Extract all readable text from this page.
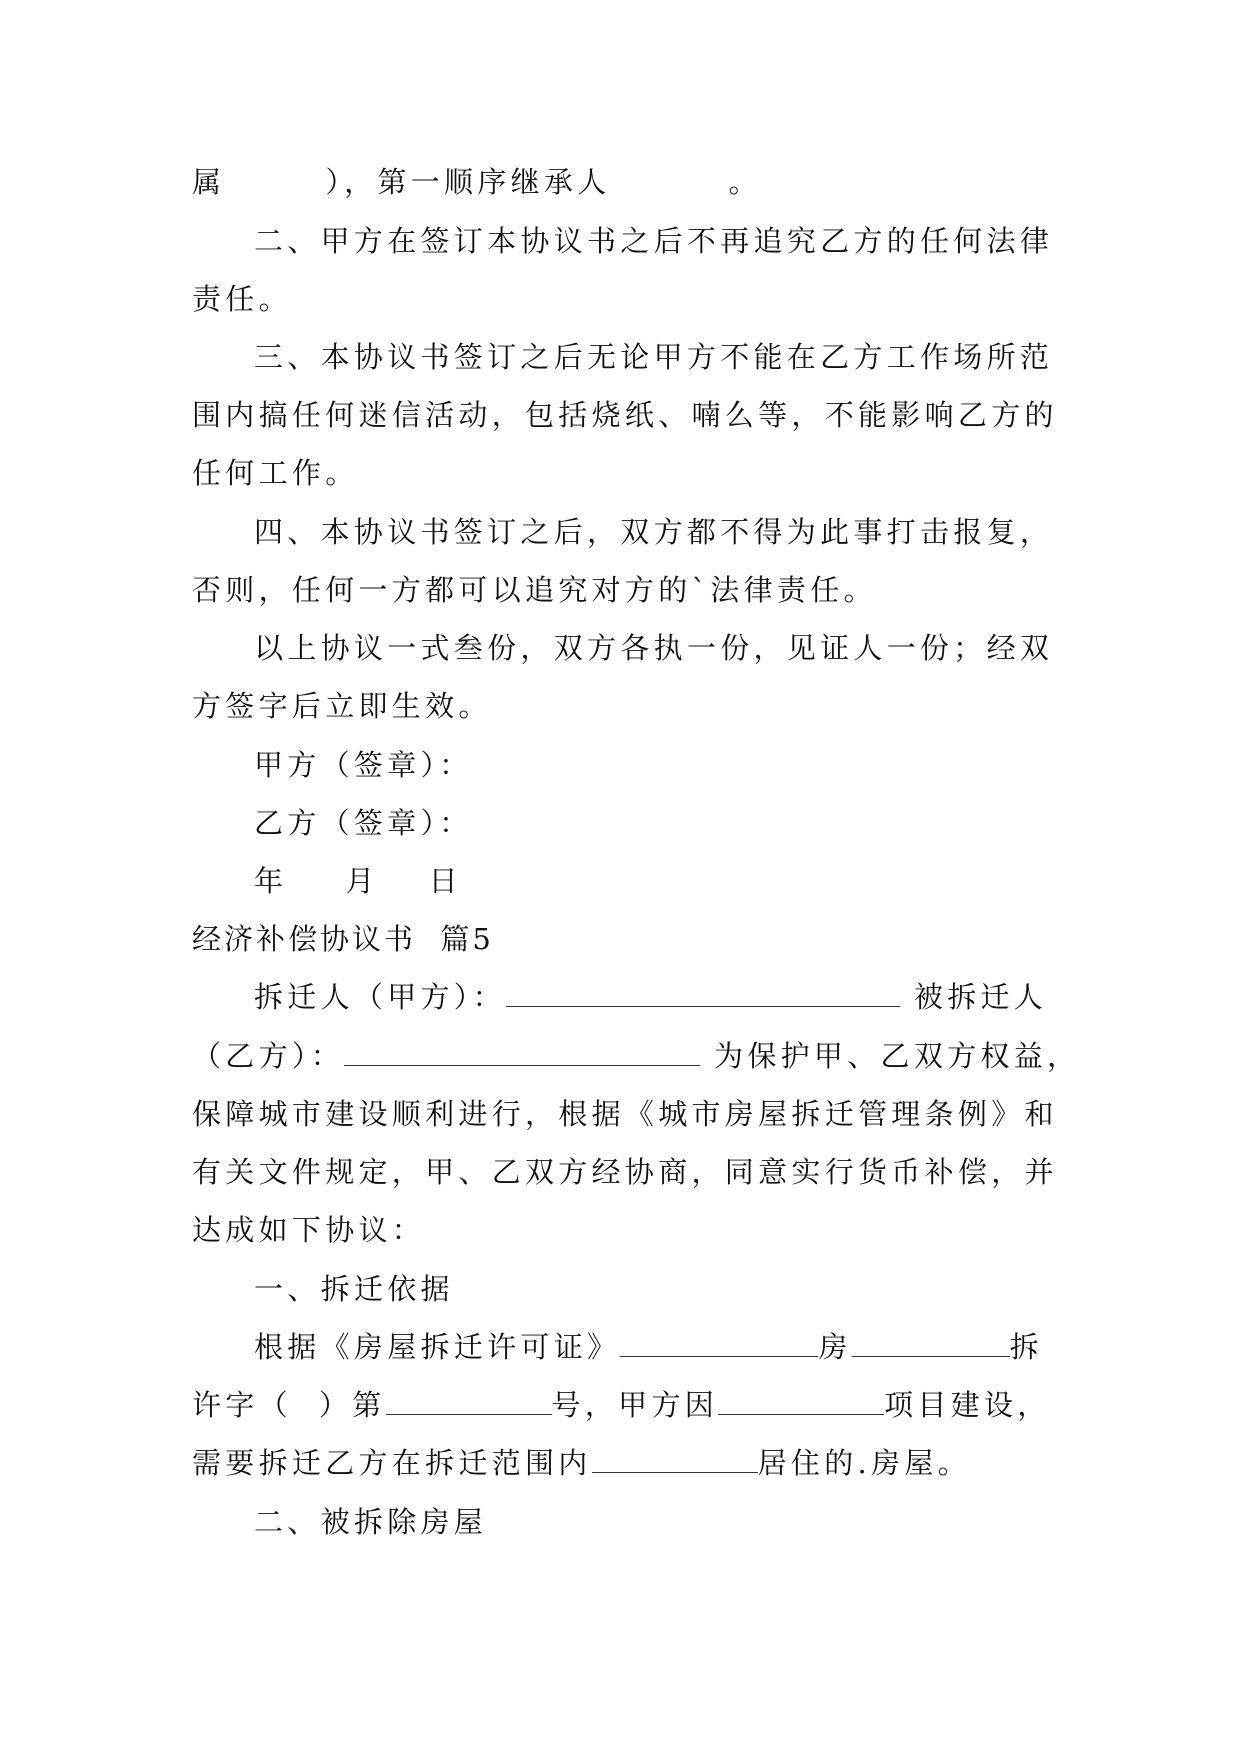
属	），第一顺序继承人	。

二、甲方在签订本协议书之后不再追究乙方的任何法律

责任。

三、本协议书签订之后无论甲方不能在乙方工作场所范

围内搞任何迷信活动，包括烧纸、喃么等，不能影响乙方的

任何工作。

四、本协议书签订之后，双方都不得为此事打击报复，

否则，任何一方都可以追究对方的`法律责任。

以上协议一式叁份，双方各执一份，见证人一份；经双

方签字后立即生效。

甲方（签章）：

乙方（签章）：

年 月 日

经济补偿协议书  篇5

拆迁人（甲方）：	被拆迁人

（乙方）：	为保护甲、乙双方权益，

保障城市建设顺利进行，根据《城市房屋拆迁管理条例》和

有关文件规定，甲、乙双方经协商，同意实行货币补偿，并

达成如下协议：

一、拆迁依据

根据《房屋拆迁许可证》	房	拆

许字（  ）第	号，甲方因	项目建设，

需要拆迁乙方在拆迁范围内	居住的.房屋。

二、被拆除房屋
